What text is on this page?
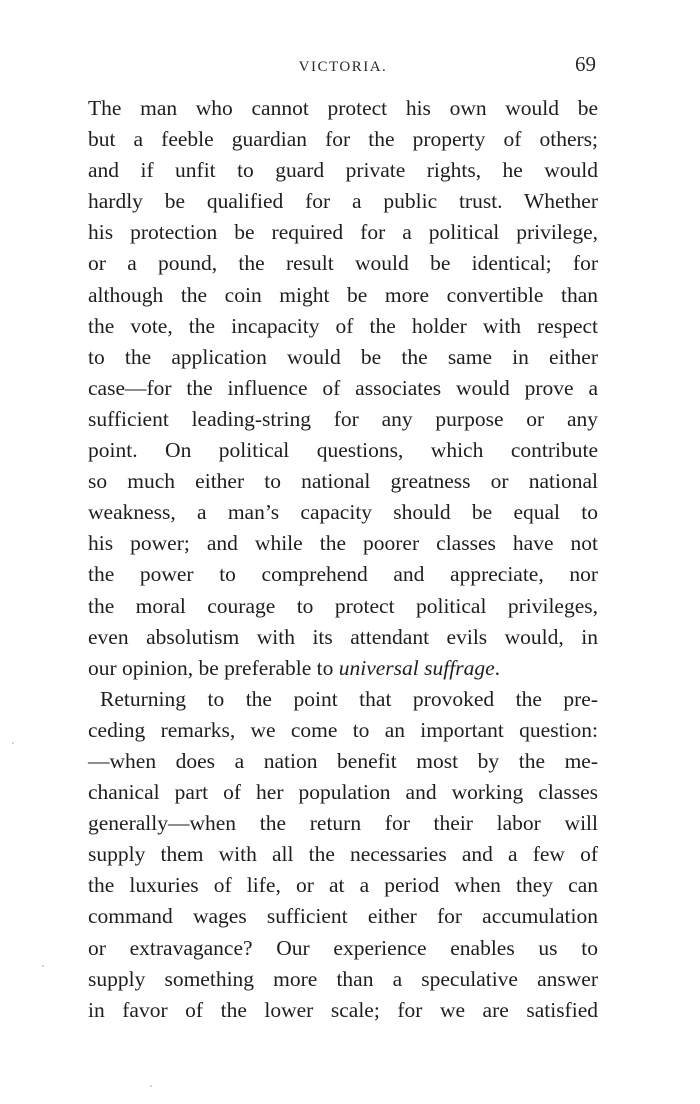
VICTORIA.	69
The man who cannot protect his own would be
but a feeble guardian for the property of others;
and if unfit to guard private rights, he would
hardly be qualified for a public trust. Whether
his protection be required for a political privilege,
or a pound, the result would be identical; for
although the coin might be more convertible than
the vote, the incapacity of the holder with respect
to the application would be the same in either
case—for the influence of associates would prove a
sufficient leading-string for any purpose or any
point. On political questions, which contribute
so much either to national greatness or national
weakness, a man’s capacity should be equal to
his power; and while the poorer classes have not
the power to comprehend and appreciate, nor
the moral courage to protect political privileges,
even absolutism with its attendant evils would, in
our opinion, be preferable to universal suffrage.
Returning to the point that provoked the pre-
ceding remarks, we come to an important question:
—when does a nation benefit most by the me-
chanical part of her population and working classes
generally—when the return for their labor will
supply them with all the necessaries and a few of
the luxuries of life, or at a period when they can
command wages sufficient either for accumulation
or extravagance? Our experience enables us to
supply something more than a speculative answer
in favor of the lower scale; for we are satisfied
